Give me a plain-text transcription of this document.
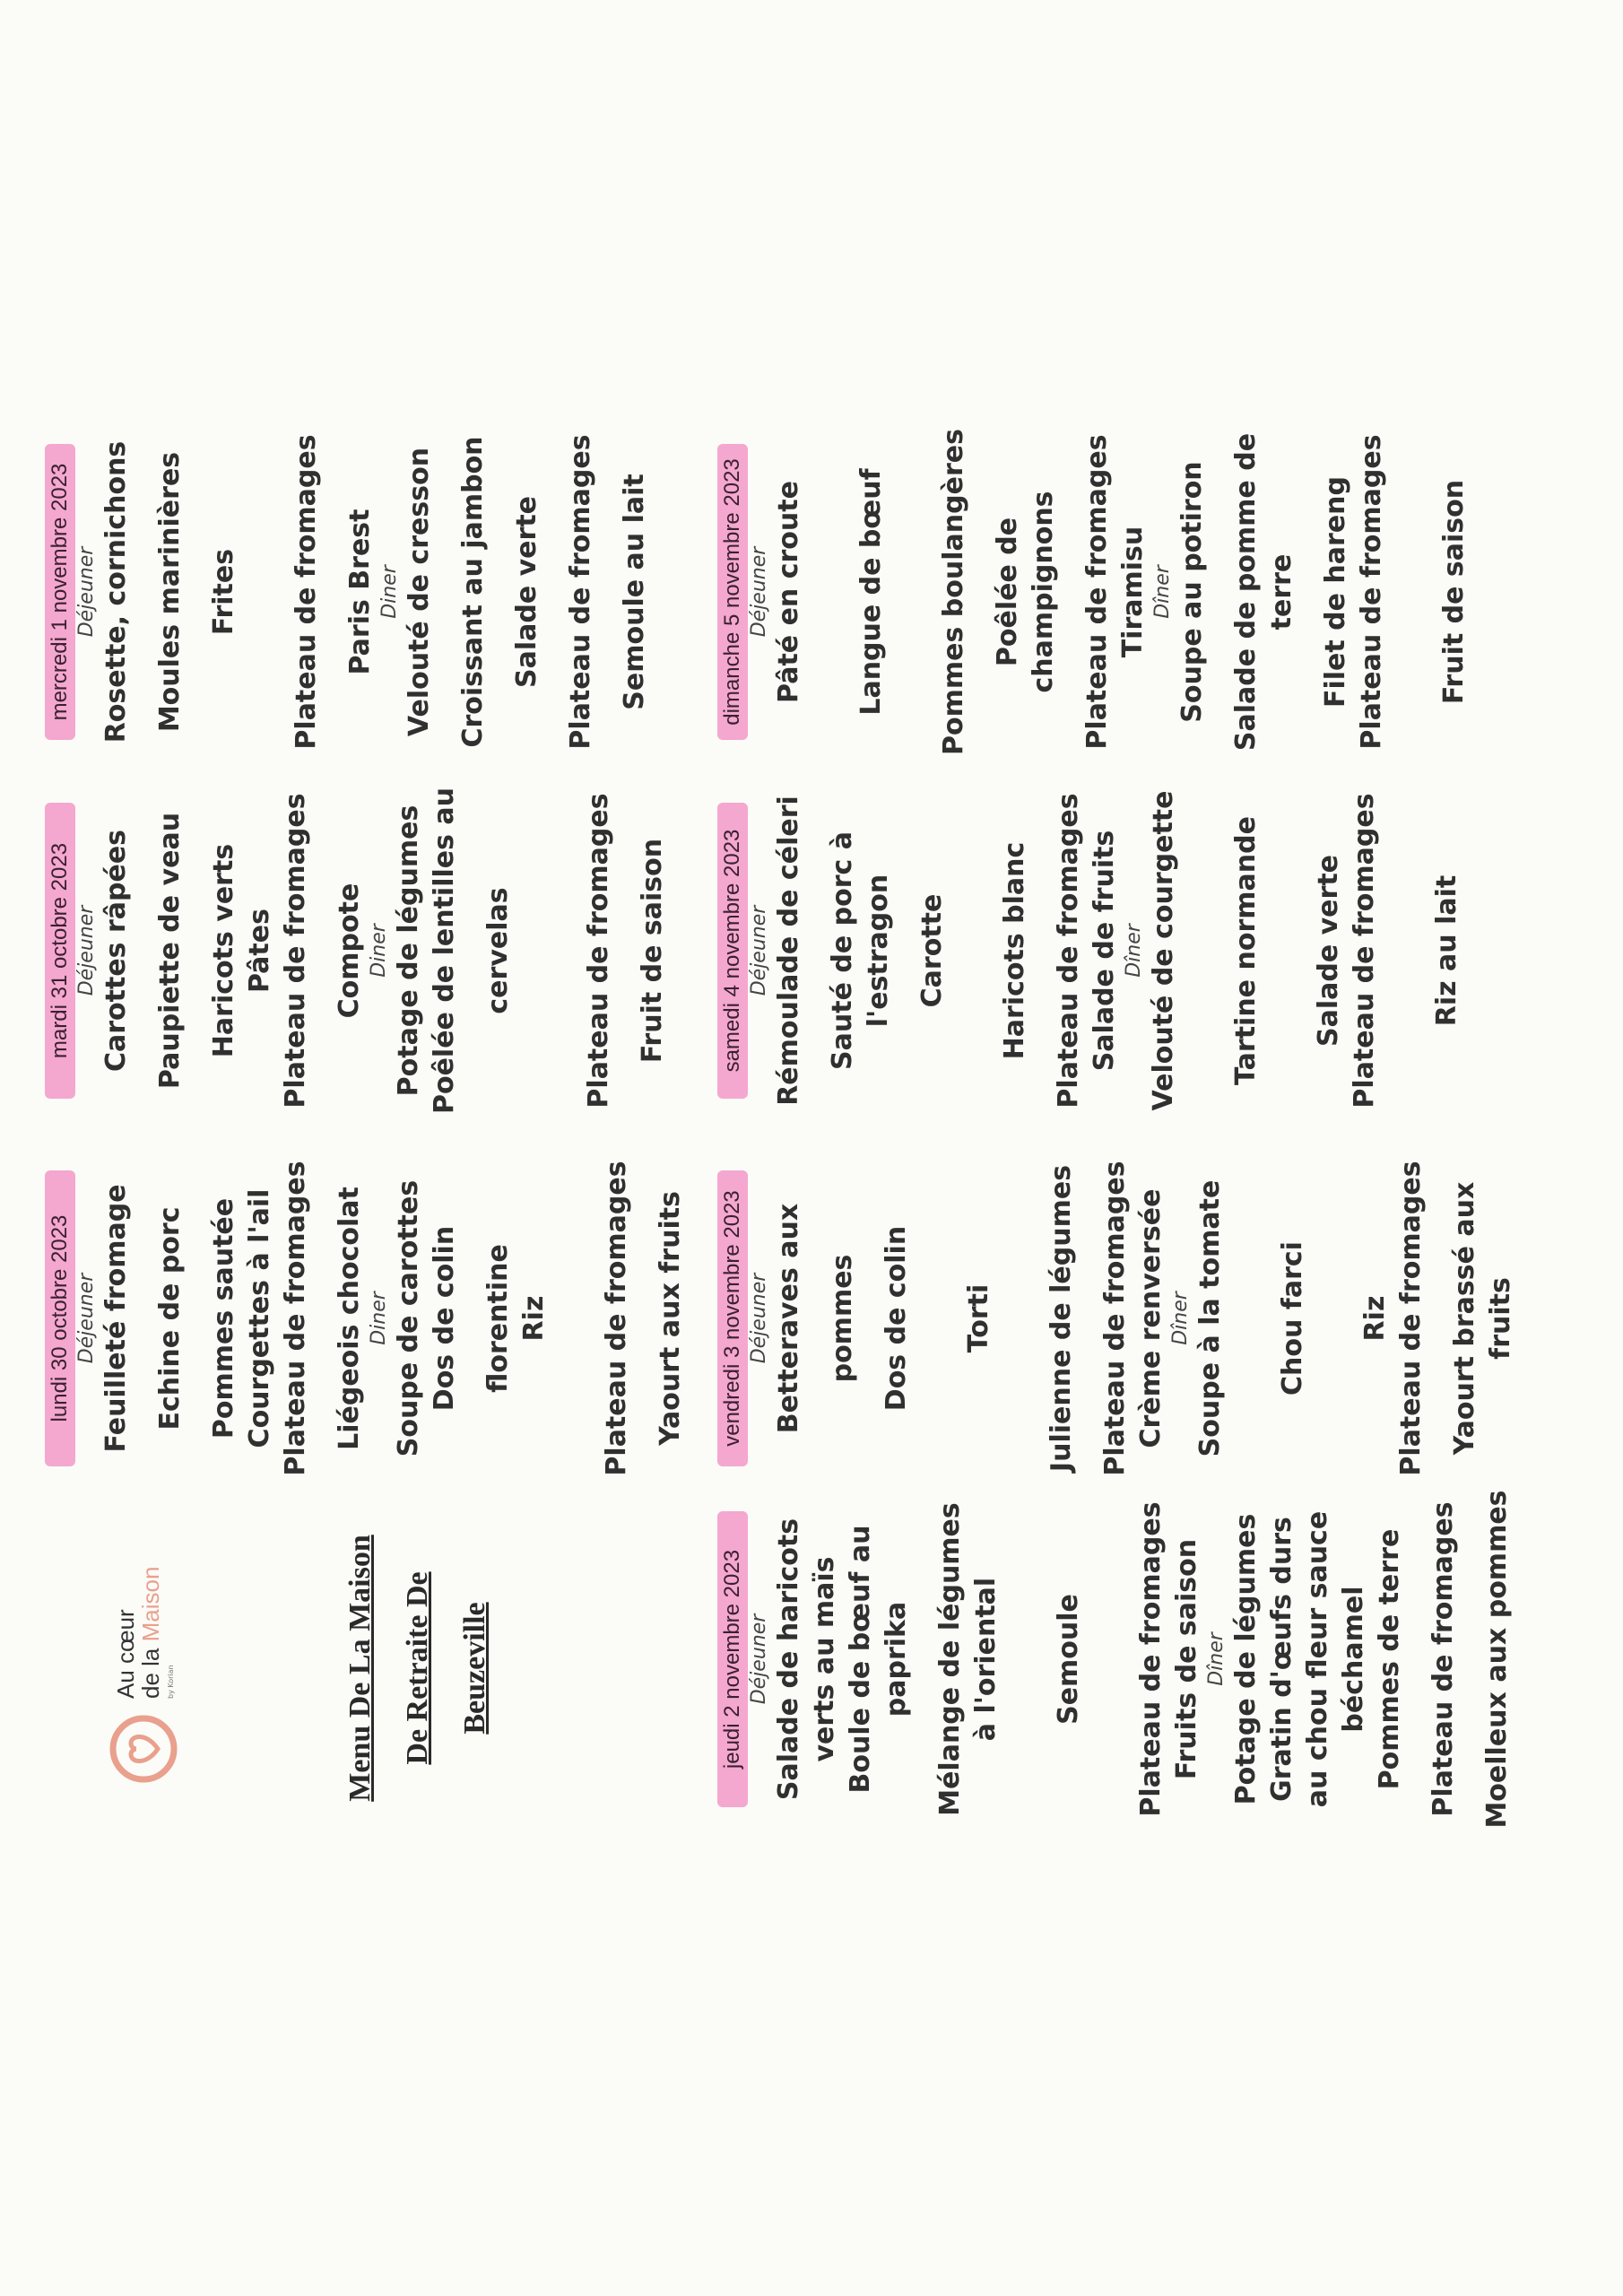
Au cœur
de la Maison
by Korian	Menu De La Maison De Retraite De Beuzeville
lundi 30 octobre 2023 Déjeuner Feuilleté fromage Echine de porc Pommes sautée Courgettes à l'ail Plateau de fromages Liégeois chocolat Diner Soupe de carottes Dos de colin florentine Riz Plateau de fromages Yaourt aux fruits
mardi 31 octobre 2023 Déjeuner Carottes râpées Paupiette de veau Haricots verts Pâtes Plateau de fromages Compote Diner Potage de légumes Poêlée de lentilles au cervelas	Plateau de fromages Fruit de saison
mercredi 1 novembre 2023 Déjeuner Rosette, cornichons Moules marinières Frites Plateau de fromages Paris Brest Diner Velouté de cresson Croissant au jambon Salade verte Plateau de fromages Semoule au lait
jeudi 2 novembre 2023 Déjeuner Salade de haricots verts au maïs Boule de bœuf au paprika Mélange de légumes à l'oriental Semoule Plateau de fromages Fruits de saison Dîner Potage de légumes Gratin d'œufs durs au chou fleur sauce béchamel Pommes de terre Plateau de fromages Moelleux aux pommes
vendredi 3 novembre 2023 Déjeuner Betteraves aux pommes Dos de colin Torti Julienne de légumes Plateau de fromages Crème renversée Dîner Soupe à la tomate Chou farci Riz Plateau de fromages Yaourt brassé aux fruits
samedi 4 novembre 2023 Déjeuner Rémoulade de céleri Sauté de porc à l'estragon Carotte Haricots blanc Plateau de fromages Salade de fruits Dîner Velouté de courgette Tartine normande Salade verte Plateau de fromages Riz au lait
dimanche 5 novembre 2023 Déjeuner Pâté en croute Langue de bœuf Pommes boulangères Poêlée de champignons Plateau de fromages Tiramisu Dîner Soupe au potiron Salade de pomme de terre Filet de hareng Plateau de fromages Fruit de saison
